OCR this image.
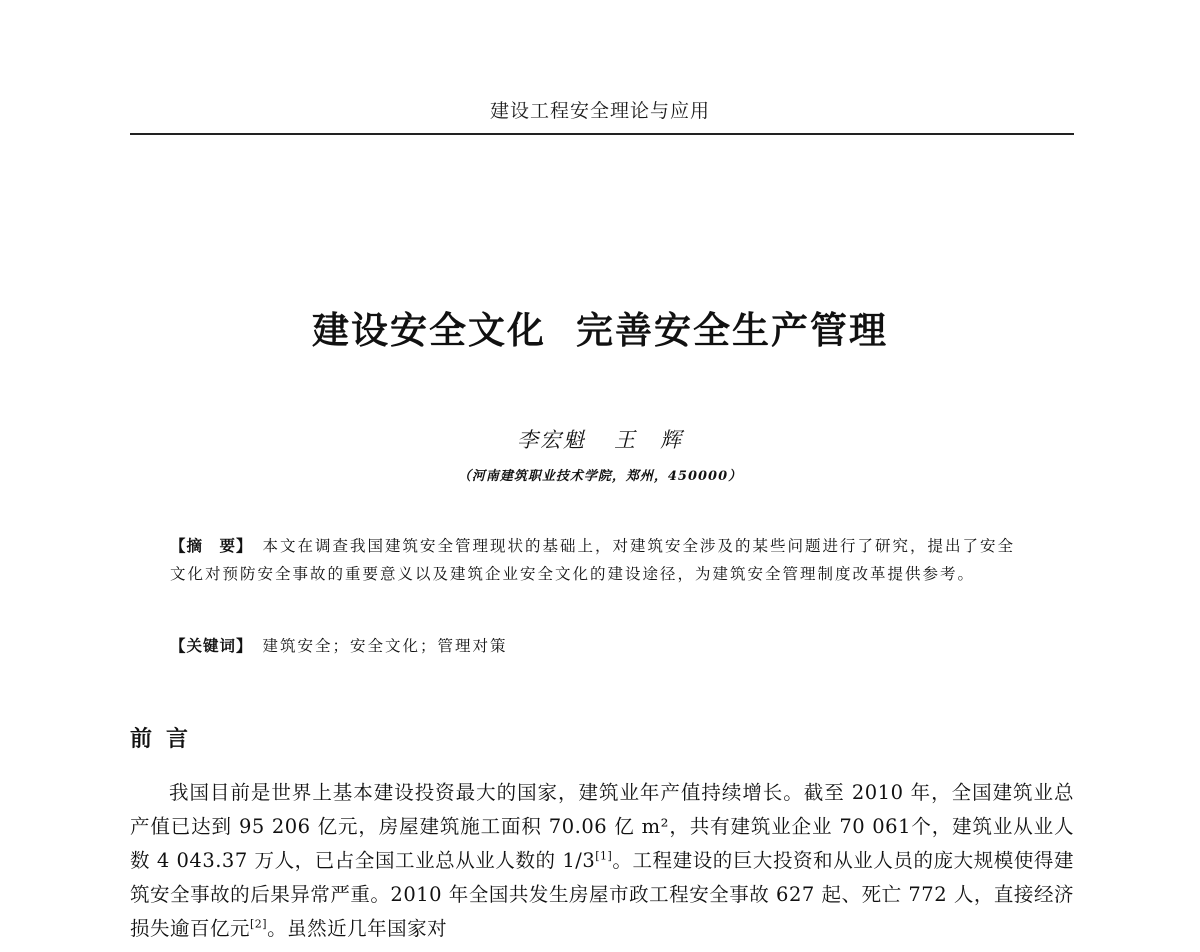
建设工程安全理论与应用
建设安全文化 完善安全生产管理
李宏魁 王　辉
（河南建筑职业技术学院，郑州，450000）
【摘　要】 本文在调查我国建筑安全管理现状的基础上，对建筑安全涉及的某些问题进行了研究，提出了安全文化对预防安全事故的重要意义以及建筑企业安全文化的建设途径，为建筑安全管理制度改革提供参考。
【关键词】 建筑安全；安全文化；管理对策
前言
我国目前是世界上基本建设投资最大的国家，建筑业年产值持续增长。截至 2010 年，全国建筑业总产值已达到 95 206 亿元，房屋建筑施工面积 70.06 亿 m²，共有建筑业企业 70 061个，建筑业从业人数 4 043.37 万人，已占全国工业总从业人数的 1/3[1]。工程建设的巨大投资和从业人员的庞大规模使得建筑安全事故的后果异常严重。2010 年全国共发生房屋市政工程安全事故 627 起、死亡 772 人，直接经济损失逾百亿元[2]。虽然近几年国家对
